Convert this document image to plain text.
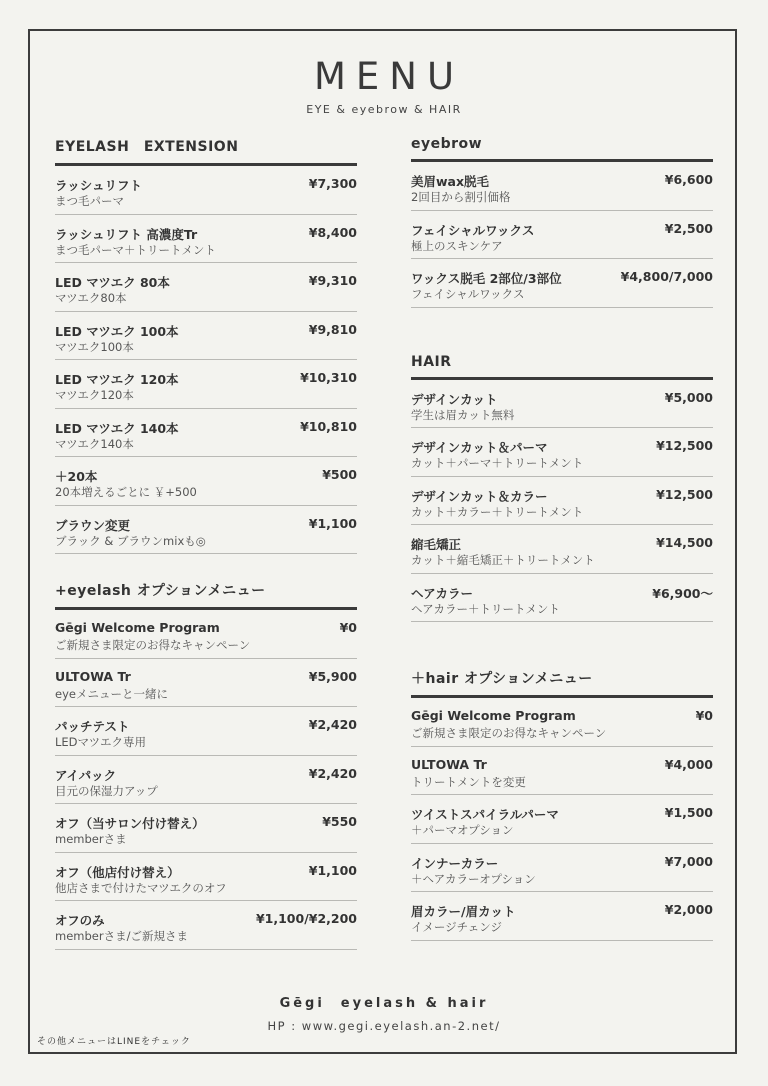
MENU
EYE & eyebrow & HAIR
EYELASH　EXTENSION
ラッシュリフト	¥7,300
まつ毛パーマ
ラッシュリフト 高濃度Tr	¥8,400
まつ毛パーマ＋トリートメント
LED マツエク 80本	¥9,310
マツエク80本
LED マツエク 100本	¥9,810
マツエク100本
LED マツエク 120本	¥10,310
マツエク120本
LED マツエク 140本	¥10,810
マツエク140本
＋20本	¥500
20本増えるごとに ￥+500
ブラウン変更	¥1,100
ブラック & ブラウンmixも◎
+eyelash オプションメニュー
Gēgi Welcome Program	¥0
ご新規さま限定のお得なキャンペーン
ULTOWA Tr	¥5,900
eyeメニューと一緒に
パッチテスト	¥2,420
LEDマツエク専用
アイパック	¥2,420
目元の保湿力アップ
オフ（当サロン付け替え）	¥550
memberさま
オフ（他店付け替え）	¥1,100
他店さまで付けたマツエクのオフ
オフのみ	¥1,100/¥2,200
memberさま/ご新規さま
eyebrow
美眉wax脱毛	¥6,600
2回目から割引価格
フェイシャルワックス	¥2,500
極上のスキンケア
ワックス脱毛 2部位/3部位	¥4,800/7,000
フェイシャルワックス
HAIR
デザインカット	¥5,000
学生は眉カット無料
デザインカット＆パーマ	¥12,500
カット＋パーマ＋トリートメント
デザインカット＆カラー	¥12,500
カット＋カラー＋トリートメント
縮毛矯正	¥14,500
カット＋縮毛矯正＋トリートメント
ヘアカラー	¥6,900〜
ヘアカラー＋トリートメント
＋hair オプションメニュー
Gēgi Welcome Program	¥0
ご新規さま限定のお得なキャンペーン
ULTOWA Tr	¥4,000
トリートメントを変更
ツイストスパイラルパーマ	¥1,500
＋パーマオプション
インナーカラー	¥7,000
＋ヘアカラーオプション
眉カラー/眉カット	¥2,000
イメージチェンジ
Gēgi　eyelash & hair
HP : www.gegi.eyelash.an-2.net/
その他メニューはLINEをチェック
